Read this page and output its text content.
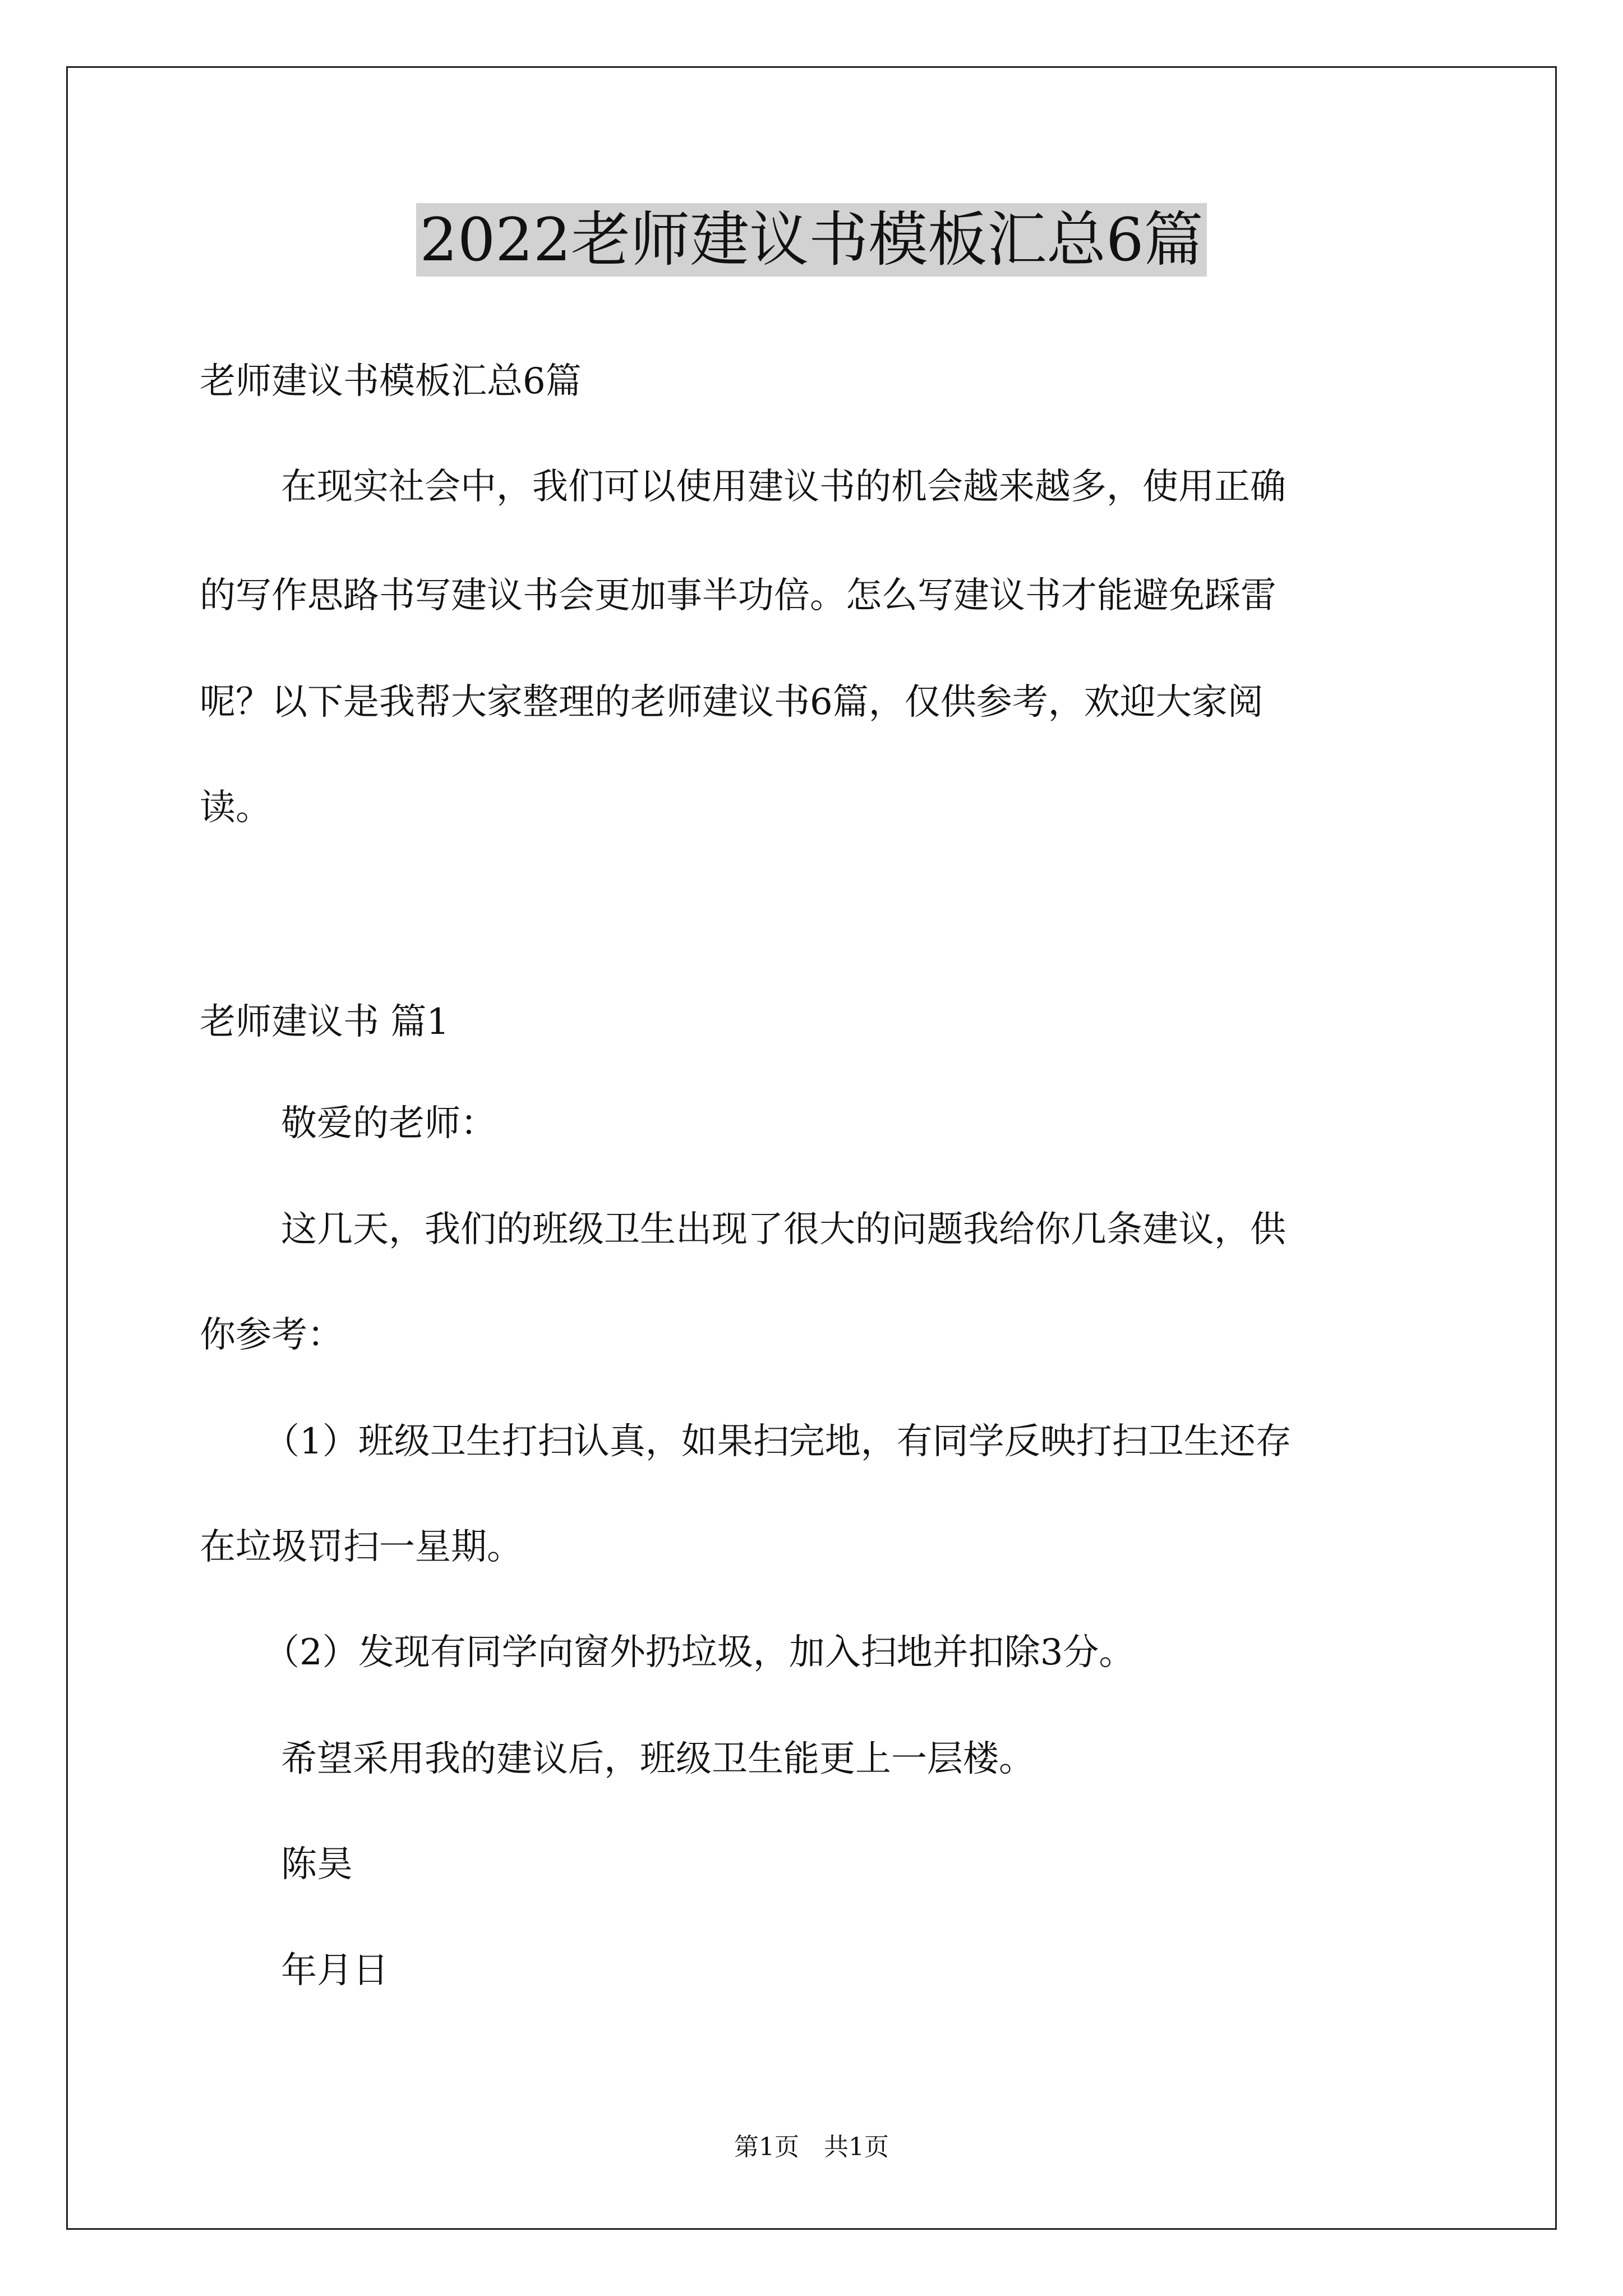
2022老师建议书模板汇总6篇
老师建议书模板汇总6篇
在现实社会中，我们可以使用建议书的机会越来越多，使用正确
的写作思路书写建议书会更加事半功倍。怎么写建议书才能避免踩雷
呢？以下是我帮大家整理的老师建议书6篇，仅供参考，欢迎大家阅
读。
老师建议书 篇1
敬爱的老师：
这几天，我们的班级卫生出现了很大的问题我给你几条建议，供
你参考：
（1）班级卫生打扫认真，如果扫完地，有同学反映打扫卫生还存
在垃圾罚扫一星期。
（2）发现有同学向窗外扔垃圾，加入扫地并扣除3分。
希望采用我的建议后，班级卫生能更上一层楼。
陈昊
年月日
第1页　共1页
